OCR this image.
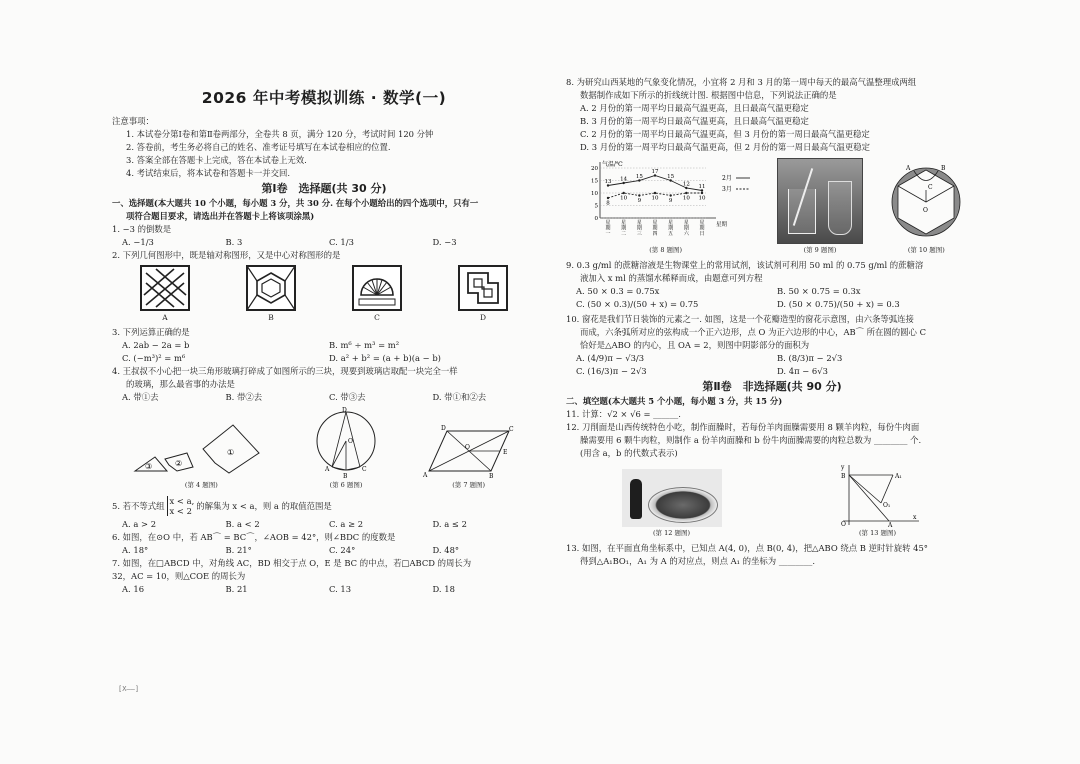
2026 年中考模拟训练 · 数学(一)
注意事项：
1. 本试卷分第Ⅰ卷和第Ⅱ卷两部分，全卷共 8 页，满分 120 分，考试时间 120 分钟
2. 答卷前，考生务必将自己的姓名、准考证号填写在本试卷相应的位置.
3. 答案全部在答题卡上完成，答在本试卷上无效.
4. 考试结束后，将本试卷和答题卡一并交回.
第Ⅰ卷　选择题(共 30 分)
一、选择题(本大题共 10 个小题，每小题 3 分，共 30 分. 在每个小题给出的四个选项中，只有一
项符合题目要求，请选出并在答题卡上将该项涂黑)
1. −3 的倒数是
A. −1/3	B. 3	C. 1/3	D. −3
2. 下列几何图形中，既是轴对称图形，又是中心对称图形的是
A	B	C	D
3. 下列运算正确的是
A. 2ab − 2a = b	B. m⁶ ÷ m³ = m²
C. (−m³)² = m⁶	D. a² + b² = (a + b)(a − b)
4. 王叔叔不小心把一块三角形玻璃打碎成了如图所示的三块，现要到玻璃店取配一块完全一样
的玻璃，那么最省事的办法是
A. 带①去	B. 带②去	C. 带③去	D. 带①和②去
③	②
①
(第 4 题图)
D
A
O
B
C
(第 6 题图)
A	B
C
D
O
E
(第 7 题图)
5. 若不等式组 x < a,
x < 2
的解集为 x < a，则 a 的取值范围是
A. a > 2	B. a < 2	C. a ≥ 2	D. a ≤ 2
6. 如图，在⊙O 中，若 AB⌒ = BC⌒，∠AOB = 42°，则∠BDC 的度数是
A. 18°	B. 21°	C. 24°	D. 48°
7. 如图，在□ABCD 中，对角线 AC，BD 相交于点 O，E 是 BC 的中点，若□ABCD 的周长为
32，AC = 10，则△COE 的周长为
A. 16	B. 21	C. 13	D. 18
[X——]
8. 为研究山西某地的气象变化情况，小宜将 2 月和 3 月的第一周中每天的最高气温整理成两组
数据制作成如下所示的折线统计图. 根据图中信息，下列说法正确的是
A. 2 月份的第一周平均日最高气温更高，且日最高气温更稳定
B. 3 月份的第一周平均日最高气温更高，且日最高气温更稳定
C. 2 月份的第一周平均日最高气温更高，但 3 月份的第一周日最高气温更稳定
D. 3 月份的第一周平均日最高气温更高，但 2 月份的第一周日最高气温更稳定
0
5
10
15
20
气温/℃
星期
星期一
星期二
星期三
星期四
星期五
星期六
星期日
13 14 15
17
15
12 11
2月
8
10 9 10 9 10 10
3月
(第 8 题图)	(第 9 题图)
A	B
C
O
(第 10 题图)
9. 0.3 g/ml 的蔗糖溶液是生物课堂上的常用试剂，该试剂可利用 50 ml 的 0.75 g/ml 的蔗糖溶
液加入 x ml 的蒸馏水稀释而成，由题意可列方程
A. 50 × 0.3 = 0.75x	B. 50 × 0.75 = 0.3x
C. (50 × 0.3)/(50 + x) = 0.75	D. (50 × 0.75)/(50 + x) = 0.3
10. 窗花是我们节日装饰的元素之一. 如图，这是一个花瓣造型的窗花示意图，由六条等弧连接
而成，六条弧所对应的弦构成一个正六边形，点 O 为正六边形的中心，AB⌒ 所在圆的圆心 C
恰好是△ABO 的内心，且 OA = 2，则图中阴影部分的面积为
A. (4/9)π − √3/3	B. (8/3)π − 2√3
C. (16/3)π − 2√3	D. 4π − 6√3
第Ⅱ卷　非选择题(共 90 分)
二、填空题(本大题共 5 个小题，每小题 3 分，共 15 分)
11. 计算：√2 × √6 = ______.
12. 刀削面是山西传统特色小吃，制作面臊时，若每份羊肉面臊需要用 8 颗羊肉粒，每份牛肉面
臊需要用 6 颗牛肉粒，则制作 a 份羊肉面臊和 b 份牛肉面臊需要的肉粒总数为 ________ 个.
(用含 a，b 的代数式表示)
(第 12 题图)
y
B	A₁
O₁
O	A
x
(第 13 题图)
13. 如图，在平面直角坐标系中，已知点 A(4, 0)，点 B(0, 4)，把△ABO 绕点 B 逆时针旋转 45°
得到△A₁BO₁，A₁ 为 A 的对应点，则点 A₁ 的坐标为 ________.
